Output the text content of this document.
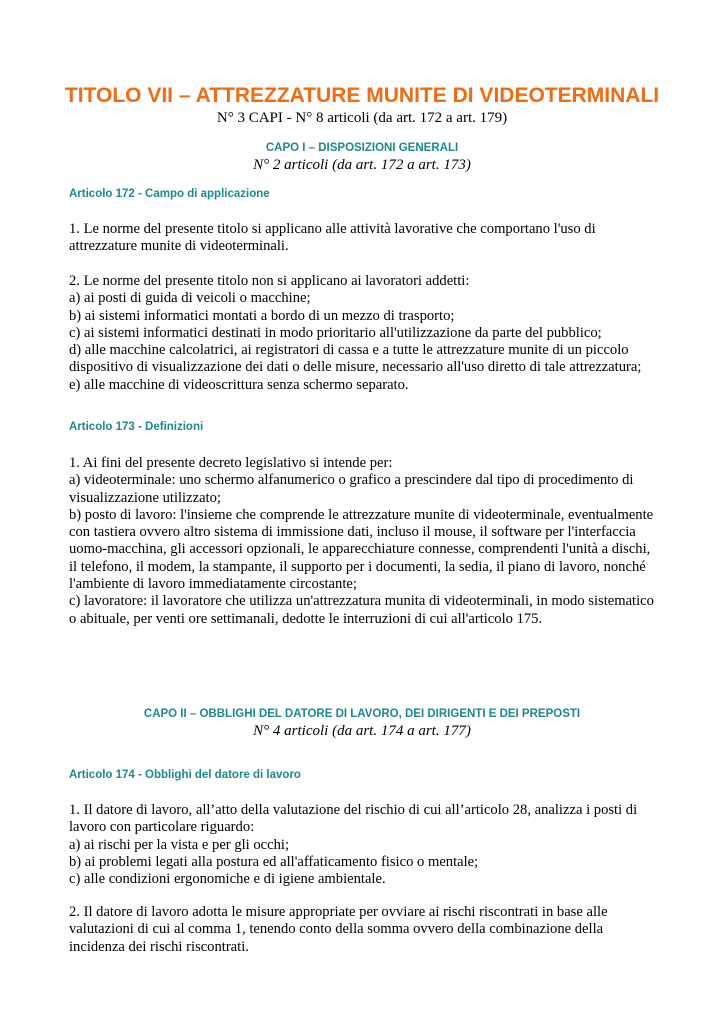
TITOLO VII – ATTREZZATURE MUNITE DI VIDEOTERMINALI
N° 3 CAPI - N° 8 articoli (da art. 172 a art. 179)
CAPO I – DISPOSIZIONI GENERALI
N° 2 articoli (da art. 172 a art. 173)
Articolo 172 - Campo di applicazione
1. Le norme del presente titolo si applicano alle attività lavorative che comportano l'uso di
attrezzature munite di videoterminali.
2. Le norme del presente titolo non si applicano ai lavoratori addetti:
a) ai posti di guida di veicoli o macchine;
b) ai sistemi informatici montati a bordo di un mezzo di trasporto;
c) ai sistemi informatici destinati in modo prioritario all'utilizzazione da parte del pubblico;
d) alle macchine calcolatrici, ai registratori di cassa e a tutte le attrezzature munite di un piccolo
dispositivo di visualizzazione dei dati o delle misure, necessario all'uso diretto di tale attrezzatura;
e) alle macchine di videoscrittura senza schermo separato.
Articolo 173 - Definizioni
1. Ai fini del presente decreto legislativo si intende per:
a) videoterminale: uno schermo alfanumerico o grafico a prescindere dal tipo di procedimento di
visualizzazione utilizzato;
b) posto di lavoro: l'insieme che comprende le attrezzature munite di videoterminale, eventualmente
con tastiera ovvero altro sistema di immissione dati, incluso il mouse, il software per l'interfaccia
uomo-macchina, gli accessori opzionali, le apparecchiature connesse, comprendenti l'unità a dischi,
il telefono, il modem, la stampante, il supporto per i documenti, la sedia, il piano di lavoro, nonché
l'ambiente di lavoro immediatamente circostante;
c) lavoratore: il lavoratore che utilizza un'attrezzatura munita di videoterminali, in modo sistematico
o abituale, per venti ore settimanali, dedotte le interruzioni di cui all'articolo 175.
CAPO II – OBBLIGHI DEL DATORE DI LAVORO, DEI DIRIGENTI E DEI PREPOSTI
N° 4 articoli (da art. 174 a art. 177)
Articolo 174 - Obblighi del datore di lavoro
1. Il datore di lavoro, all’atto della valutazione del rischio di cui all’articolo 28, analizza i posti di
lavoro con particolare riguardo:
a) ai rischi per la vista e per gli occhi;
b) ai problemi legati alla postura ed all'affaticamento fisico o mentale;
c) alle condizioni ergonomiche e di igiene ambientale.
2. Il datore di lavoro adotta le misure appropriate per ovviare ai rischi riscontrati in base alle
valutazioni di cui al comma 1, tenendo conto della somma ovvero della combinazione della
incidenza dei rischi riscontrati.
